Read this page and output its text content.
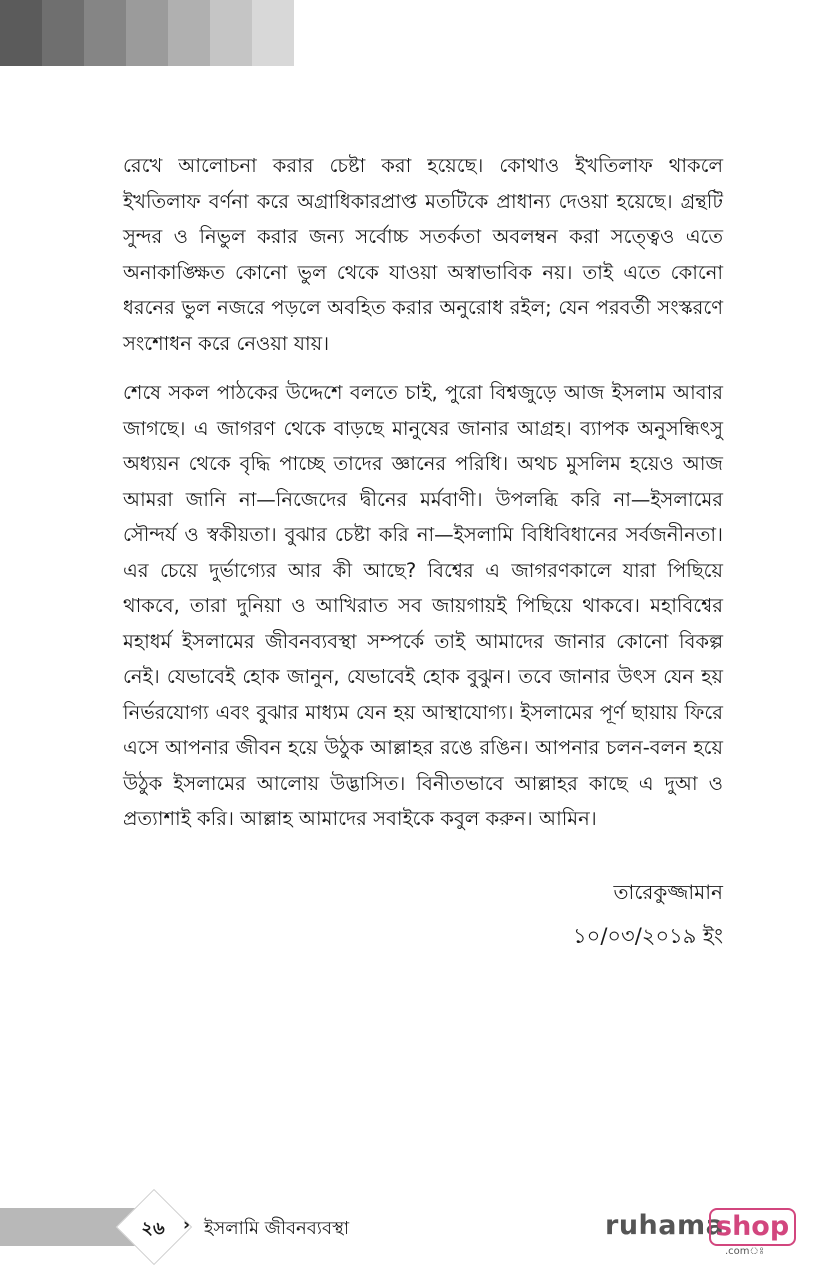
রেখে আলোচনা করার চেষ্টা করা হয়েছে। কোথাও ইখতিলাফ থাকলে ইখতিলাফ বর্ণনা করে অগ্রাধিকারপ্রাপ্ত মতটিকে প্রাধান্য দেওয়া হয়েছে। গ্রন্থটি সুন্দর ও নিভুল করার জন্য সর্বোচ্চ সতর্কতা অবলম্বন করা সত্ত্বেও এতে অনাকাঙ্ক্ষিত কোনো ভুল থেকে যাওয়া অস্বাভাবিক নয়। তাই এতে কোনো ধরনের ভুল নজরে পড়লে অবহিত করার অনুরোধ রইল; যেন পরবর্তী সংস্করণে সংশোধন করে নেওয়া যায়।

শেষে সকল পাঠকের উদ্দেশে বলতে চাই, পুরো বিশ্বজুড়ে আজ ইসলাম আবার জাগছে। এ জাগরণ থেকে বাড়ছে মানুষের জানার আগ্রহ। ব্যাপক অনুসন্ধিৎসু অধ্যয়ন থেকে বৃদ্ধি পাচ্ছে তাদের জ্ঞানের পরিধি। অথচ মুসলিম হয়েও আজ আমরা জানি না—নিজেদের দ্বীনের মর্মবাণী। উপলব্ধি করি না—ইসলামের সৌন্দর্য ও স্বকীয়তা। বুঝার চেষ্টা করি না—ইসলামি বিধিবিধানের সর্বজনীনতা। এর চেয়ে দুর্ভাগ্যের আর কী আছে? বিশ্বের এ জাগরণকালে যারা পিছিয়ে থাকবে, তারা দুনিয়া ও আখিরাত সব জায়গায়ই পিছিয়ে থাকবে। মহাবিশ্বের মহাধর্ম ইসলামের জীবনব্যবস্থা সম্পর্কে তাই আমাদের জানার কোনো বিকল্প নেই। যেভাবেই হোক জানুন, যেভাবেই হোক বুঝুন। তবে জানার উৎস যেন হয় নির্ভরযোগ্য এবং বুঝার মাধ্যম যেন হয় আস্থাযোগ্য। ইসলামের পূর্ণ ছায়ায় ফিরে এসে আপনার জীবন হয়ে উঠুক আল্লাহর রঙে রঙিন। আপনার চলন-বলন হয়ে উঠুক ইসলামের আলোয় উদ্ভাসিত। বিনীতভাবে আল্লাহর কাছে এ দুআ ও প্রত্যাশাই করি। আল্লাহ আমাদের সবাইকে কবুল করুন। আমিন।

তারেকুজ্জামান
১০/০৩/২০১৯ ইং
২৬	› ইসলামি জীবনব্যবস্থা	ruhama
shop
.comঃ
